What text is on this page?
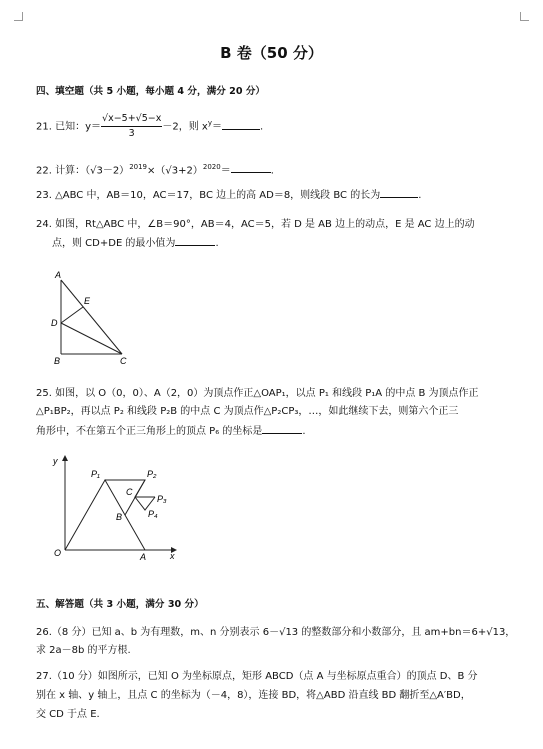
B 卷（50 分）
四、填空题（共 5 小题，每小题 4 分，满分 20 分）
21. 已知：$y= \frac{√x-5+√5-x}{3} -2$，则 $x^y=$	.
22. 计算：$(√3-2)^{2019}\times(√3+2)^{2020}=$	.
23. △ABC 中，AB＝10，AC＝17，BC 边上的高 AD＝8，则线段 BC 的长为	.
24. 如图，Rt△ABC 中，∠B＝90°，AB＝4，AC＝5，若 D 是 AB 边上的动点，E 是 AC 边上的动
点，则 CD+DE 的最小值为	.
A
B	C
D
E
25. 如图，以 O（0，0）、A（2，0）为顶点作正△OAP₁，以点 P₁ 和线段 P₁A 的中点 B 为顶点作正
△P₁BP₂，再以点 P₂ 和线段 P₂B 的中点 C 为顶点作△P₂CP₃，…，如此继续下去，则第六个正三
角形中，不在第五个正三角形上的顶点 P₆ 的坐标是	.
y
x
O	A
B
C
P₁	P₂
P₃
P₄
五、解答题（共 3 小题，满分 30 分）
26.（8 分）已知 a、b 为有理数，m、n 分别表示 6－√13 的整数部分和小数部分，且 am+bn＝6+√13，
求 2a－8b 的平方根.
27.（10 分）如图所示，已知 O 为坐标原点，矩形 ABCD（点 A 与坐标原点重合）的顶点 D、B 分
别在 x 轴、y 轴上，且点 C 的坐标为（－4，8），连接 BD，将△ABD 沿直线 BD 翻折至△A′BD，
交 CD 于点 E.
